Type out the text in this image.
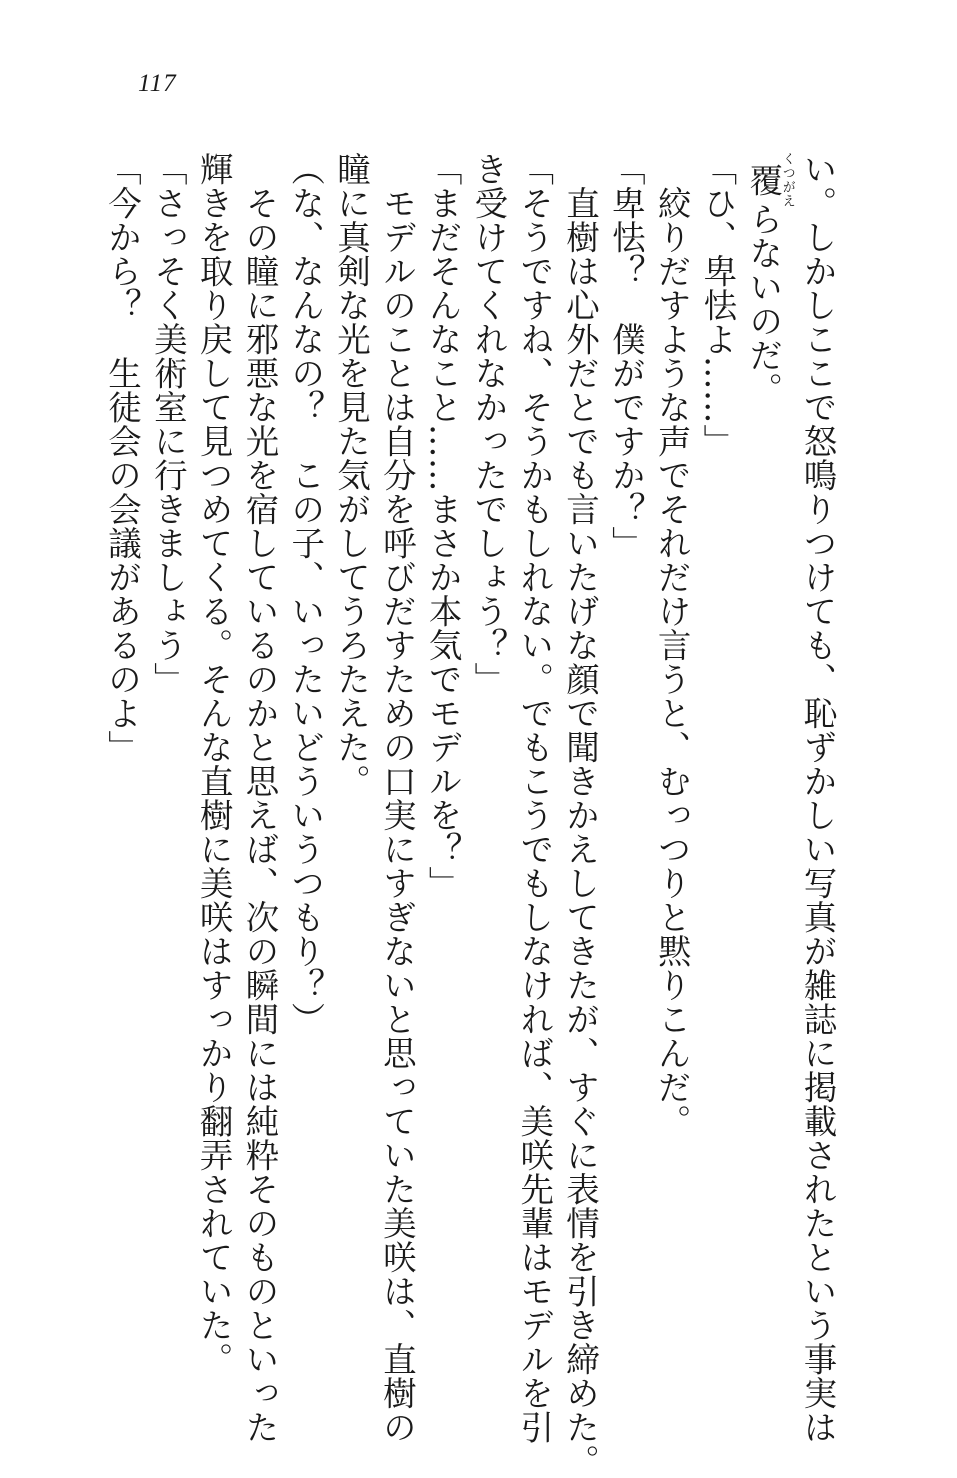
117

い。しかしここで怒鳴りつけても、恥ずかしい写真が雑誌に掲載されたという事実は

覆くつがえらないのだ。

「ひ、卑怯よ……」

　絞りだすような声でそれだけ言うと、むっつりと黙りこんだ。

「卑怯？　僕がですか？」

　直樹は心外だとでも言いたげな顔で聞きかえしてきたが、すぐに表情を引き締めた。

「そうですね、そうかもしれない。でもこうでもしなければ、美咲先輩はモデルを引

き受けてくれなかったでしょう？」

「まだそんなこと……まさか本気でモデルを？」

　モデルのことは自分を呼びだすための口実にすぎないと思っていた美咲は、直樹の

瞳に真剣な光を見た気がしてうろたえた。

（な、なんなの？　この子、いったいどういうつもり？）

　その瞳に邪悪な光を宿しているのかと思えば、次の瞬間には純粋そのものといった

輝きを取り戻して見つめてくる。そんな直樹に美咲はすっかり翻弄されていた。

「さっそく美術室に行きましょう」

「今から？　生徒会の会議があるのよ」
